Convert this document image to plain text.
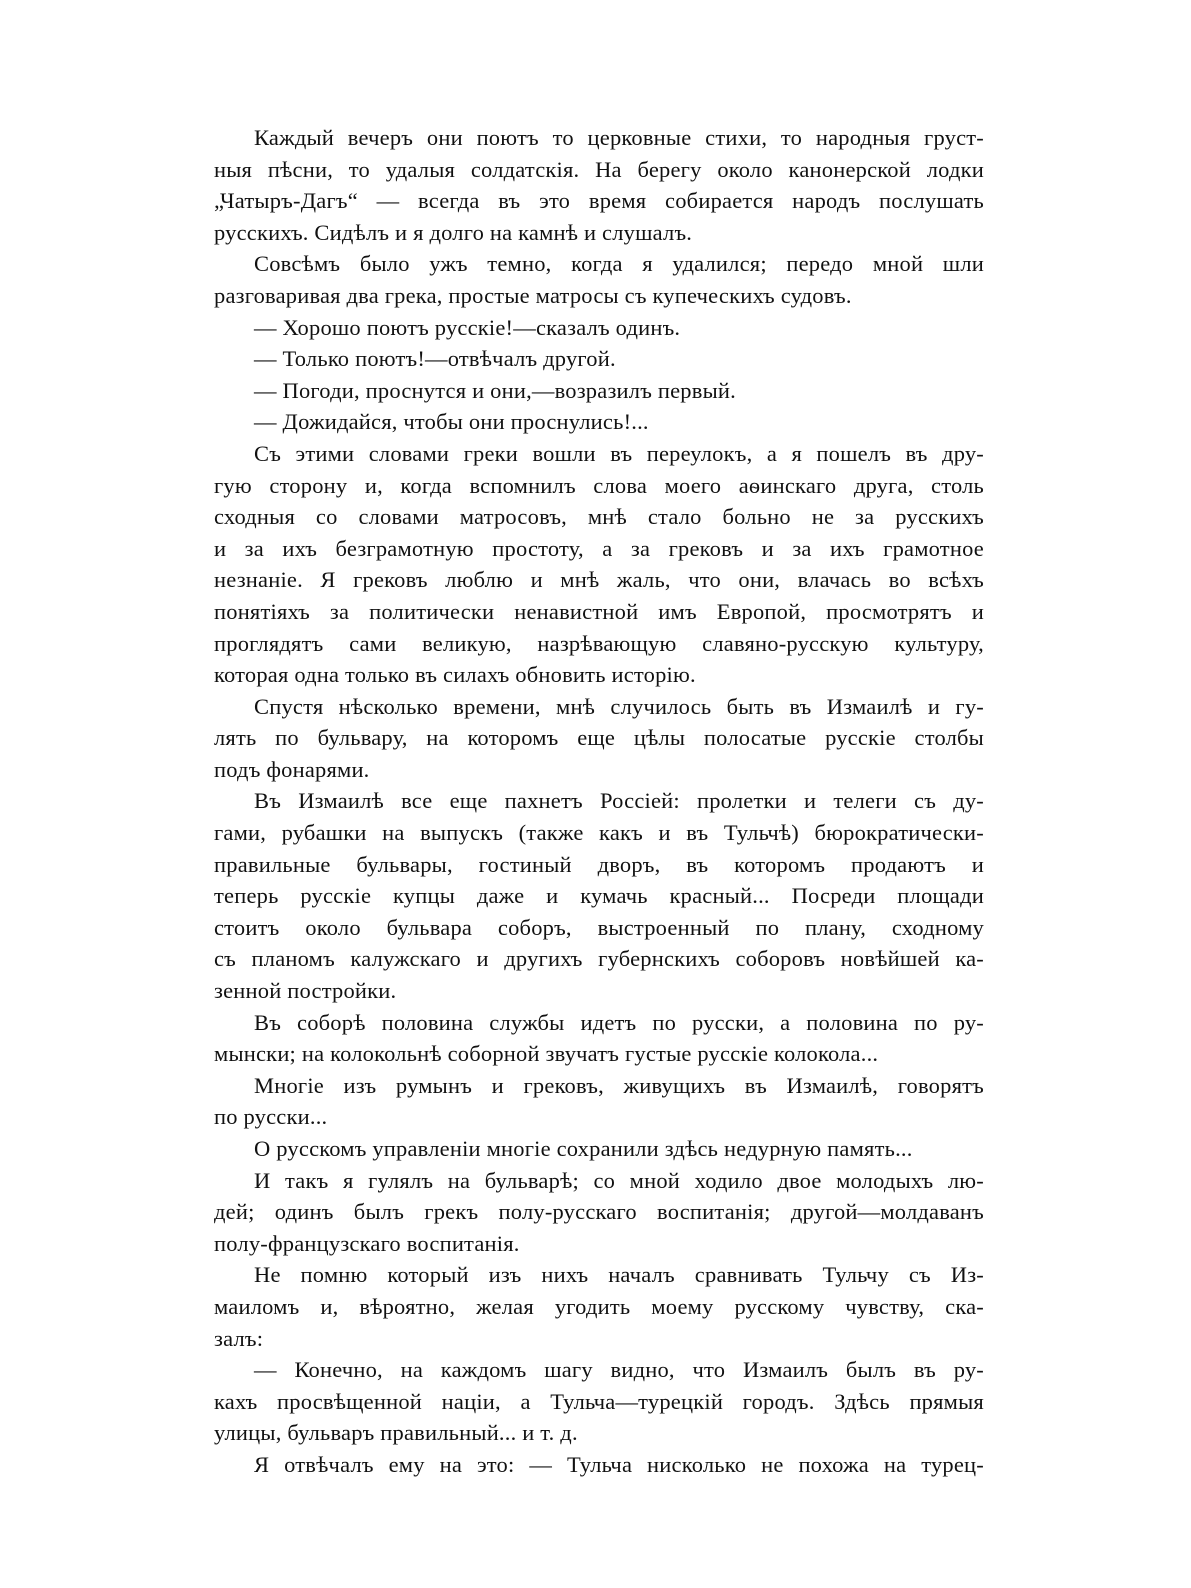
Каждый вечеръ они поютъ то церковные стихи, то народныя груст-
ныя пѣсни, то удалыя солдатскія. На берегу около канонерской лодки
„Чатыръ-Дагъ“ — всегда въ это время собирается народъ послушать
русскихъ. Сидѣлъ и я долго на камнѣ и слушалъ.
Совсѣмъ было ужъ темно, когда я удалился; передо мной шли
разговаривая два грека, простые матросы съ купеческихъ судовъ.
— Хорошо поютъ русскіе!—сказалъ одинъ.
— Только поютъ!—отвѣчалъ другой.
— Погоди, проснутся и они,—возразилъ первый.
— Дожидайся, чтобы они проснулись!...
Съ этими словами греки вошли въ переулокъ, а я пошелъ въ дру-
гую сторону и, когда вспомнилъ слова моего аѳинскаго друга, столь
сходныя со словами матросовъ, мнѣ стало больно не за русскихъ
и за ихъ безграмотную простоту, а за грековъ и за ихъ грамотное
незнаніе. Я грековъ люблю и мнѣ жаль, что они, влачась во всѣхъ
понятіяхъ за политически ненавистной имъ Европой, просмотрятъ и
проглядятъ сами великую, назрѣвающую славяно-русскую культуру,
которая одна только въ силахъ обновить исторію.
Спустя нѣсколько времени, мнѣ случилось быть въ Измаилѣ и гу-
лять по бульвару, на которомъ еще цѣлы полосатые русскіе столбы
подъ фонарями.
Въ Измаилѣ все еще пахнетъ Россіей: пролетки и телеги съ ду-
гами, рубашки на выпускъ (также какъ и въ Тульчѣ) бюрократически-
правильные бульвары, гостиный дворъ, въ которомъ продаютъ и
теперь русскіе купцы даже и кумачь красный... Посреди площади
стоитъ около бульвара соборъ, выстроенный по плану, сходному
съ планомъ калужскаго и другихъ губернскихъ соборовъ новѣйшей ка-
зенной постройки.
Въ соборѣ половина службы идетъ по русски, а половина по ру-
мынски; на колокольнѣ соборной звучатъ густые русскіе колокола...
Многіе изъ румынъ и грековъ, живущихъ въ Измаилѣ, говорятъ
по русски...
О русскомъ управленіи многіе сохранили здѣсь недурную память...
И такъ я гулялъ на бульварѣ; со мной ходило двое молодыхъ лю-
дей; одинъ былъ грекъ полу-русскаго воспитанія; другой—молдаванъ
полу-французскаго воспитанія.
Не помню который изъ нихъ началъ сравнивать Тульчу съ Из-
маиломъ и, вѣроятно, желая угодить моему русскому чувству, ска-
залъ:
— Конечно, на каждомъ шагу видно, что Измаилъ былъ въ ру-
кахъ просвѣщенной націи, а Тульча—турецкій городъ. Здѣсь прямыя
улицы, бульваръ правильный... и т. д.
Я отвѣчалъ ему на это: — Тульча нисколько не похожа на турец-
